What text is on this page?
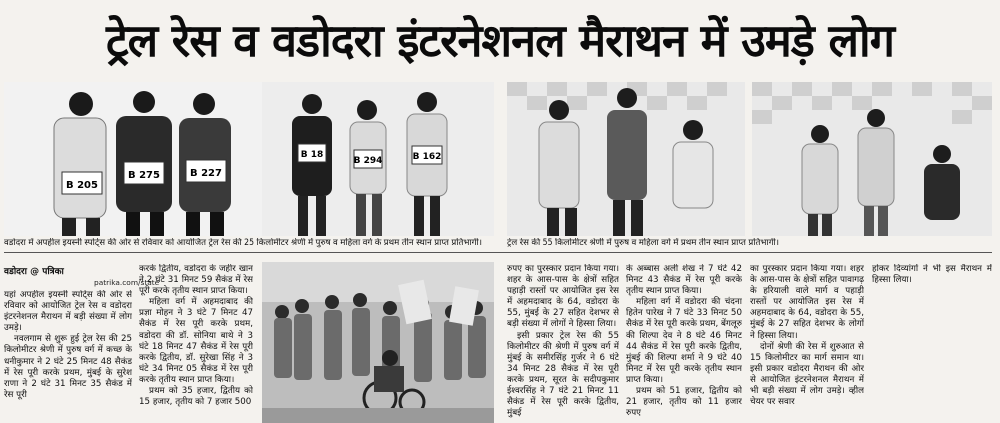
ट्रेल रेस व वडोदरा इंटरनेशनल मैराथन में उमड़े लोग
B 205
B 275	B 227
B 18
B 294	B 162
वडोदरा में अपहील इयस्नी स्पोर्ट्स की ओर से रविवार को आयोजित ट्रेल रेस की 25 किलोमीटर श्रेणी में पुरुष व महिला वर्ग के प्रथम तीन स्थान प्राप्त प्रतिभागी।	ट्रेल रेस की 55 किलोमीटर श्रेणी में पुरुष व महिला वर्ग में प्रथम तीन स्थान प्राप्त प्रतिभागी।
वडोदरा @ पत्रिका
patrika.com/state

यहां अपहील इयस्नी स्पोर्ट्स की ओर से रविवार को आयोजित ट्रेल रेस व वडोदरा इंटरनेशनल मैराथन में बड़ी संख्या में लोग उमड़े।

नवलगाम से शुरू हुई ट्रेल रेस की 25 किलोमीटर श्रेणी में पुरुष वर्ग में कच्छ के धनीकुमार ने 2 घंटे 25 मिनट 48 सैकंड में रेस पूरी करके प्रथम, मुंबई के सुरेश राणा ने 2 घंटे 31 मिनट 35 सैकंड में रेस पूरी

करके द्वितीय, वडोदरा के जहीर खान ने 2 घंटे 31 मिनट 59 सैकंड में रेस पूरी करके तृतीय स्थान प्राप्त किया।

महिला वर्ग में अहमदाबाद की प्रज्ञा मोहन ने 3 घंटे 7 मिनट 47 सैकंड में रेस पूरी करके प्रथम, वडोदरा की डॉ. सोनिया बाथे ने 3 घंटे 18 मिनट 47 सैकंड में रेस पूरी करके द्वितीय, डॉ. सुरेखा सिंह ने 3 घंटे 34 मिनट 05 सैकंड में रेस पूरी करके तृतीय स्थान प्राप्त किया।

प्रथम को 35 हजार, द्वितीय को 15 हजार, तृतीय को 7 हजार 500

रुपए का पुरस्कार प्रदान किया गया। शहर के आस-पास के क्षेत्रों सहित पहाड़ी रास्तों पर आयोजित इस रेस में अहमदाबाद के 64, वडोदरा के 55, मुंबई के 27 सहित देशभर से बड़ी संख्या में लोगों ने हिस्सा लिया।

इसी प्रकार ट्रेल रेस की 55 किलोमीटर की श्रेणी में पुरुष वर्ग में मुंबई के समीरसिंह गुर्जर ने 6 घंटे 34 मिनट 28 सैकंड में रेस पूरी करके प्रथम, सूरत के सदीपकुमार ईश्वरसिंह ने 7 घंटे 21 मिनट 11 सैकंड में रेस पूरी करके द्वितीय, मुंबई

के अब्बास अली शेख ने 7 घंटे 42 मिनट 43 सैकंड में रेस पूरी करके तृतीय स्थान प्राप्त किया।

महिला वर्ग में वडोदरा की चंदना हितेन पारेख ने 7 घंटे 33 मिनट 50 सैकंड में रेस पूरी करके प्रथम, बेंगलूरु की शिल्पा देव ने 8 घंटे 46 मिनट 44 सैकंड में रेस पूरी करके द्वितीय, मुंबई की शिल्पा शर्मा ने 9 घंटे 40 मिनट में रेस पूरी करके तृतीय स्थान प्राप्त किया।

प्रथम को 51 हजार, द्वितीय को 21 हजार, तृतीय को 11 हजार रुपए

का पुरस्कार प्रदान किया गया। शहर के आस-पास के क्षेत्रों सहित पावागढ़ के हरियाली वाले मार्ग व पहाड़ी रास्तों पर आयोजित इस रेस में अहमदाबाद के 64, वडोदरा के 55, मुंबई के 27 सहित देशभर के लोगों ने हिस्सा लिया।

दोनों श्रेणी की रेस में शुरुआत से 15 किलोमीटर का मार्ग समान था। इसी प्रकार वडोदरा मैराथन की ओर से आयोजित इंटरनेशनल मैराथन में भी बड़ी संख्या में लोग उमड़े। व्हील चेयर पर सवार

होकर दिव्यांगों ने भी इस मैराथन में हिस्सा लिया।
